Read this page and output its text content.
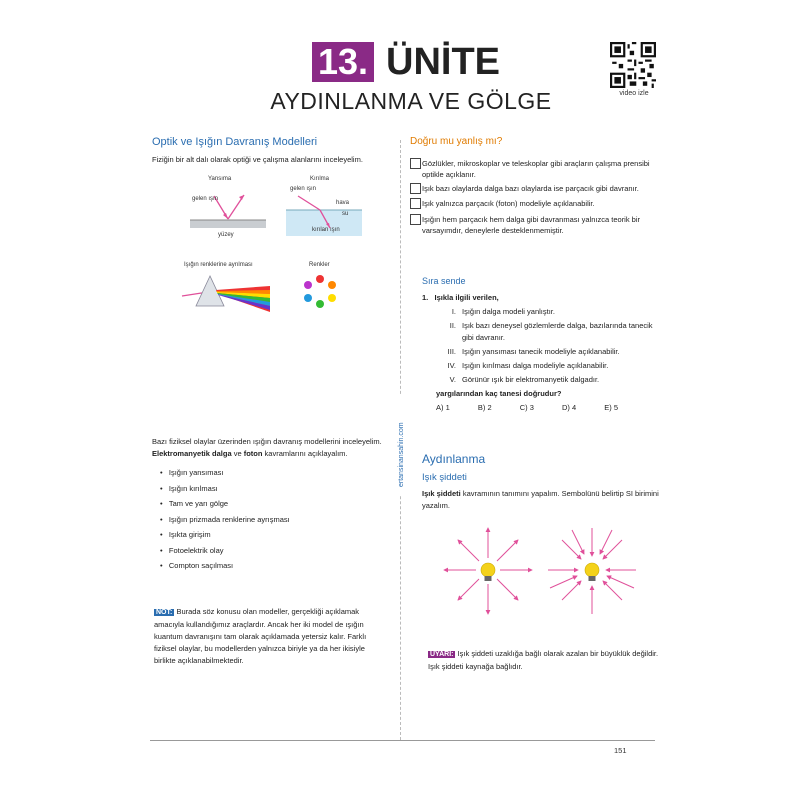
13. ÜNİTE
AYDINLANMA VE GÖLGE	video izle
ertansinansahin.com
Optik ve Işığın Davranış Modelleri
Fiziğin bir alt dalı olarak optiği ve çalışma alanlarını inceleyelim.
Yansıma
gelen ışın
yüzey
Kırılma
gelen ışın
hava
su
kırılan ışın
Işığın renklerine ayrılması	Renkler
Bazı fiziksel olaylar üzerinden ışığın davranış modellerini inceleyelim.
Elektromanyetik dalga ve foton kavramlarını açıklayalım.
•   Işığın yansıması
•   Işığın kırılması
•   Tam ve yarı gölge
•   Işığın prizmada renklerine ayrışması
•   Işıkta girişim
•   Fotoelektrik olay
•   Compton saçılması
NOT: Burada söz konusu olan modeller, gerçekliği açıklamak amacıyla kullandığımız araçlardır. Ancak her iki model de ışığın kuantum davranışını tam olarak açıklamada yetersiz kalır. Farklı fiziksel olaylar, bu modellerden yalnızca biriyle ya da her ikisiyle birlikte açıklanabilmektedir.
Doğru mu yanlış mı?
Gözlükler, mikroskoplar ve teleskoplar gibi araçların çalışma prensibi optikle açıklanır.
Işık bazı olaylarda dalga bazı olaylarda ise parçacık gibi davranır.
Işık yalnızca parçacık (foton) modeliyle açıklanabilir.
Işığın hem parçacık hem dalga gibi davranması yalnızca teorik bir varsayımdır, deneylerle desteklenmemiştir.
Sıra sende
1. Işıkla ilgili verilen,
I. Işığın dalga modeli yanlıştır.
II. Işık bazı deneysel gözlemlerde dalga, bazılarında tanecik gibi davranır.
III. Işığın yansıması tanecik modeliyle açıklanabilir.
IV. Işığın kırılması dalga modeliyle açıklanabilir.
V. Görünür ışık bir elektromanyetik dalgadır.
yargılarından kaç tanesi doğrudur?
A) 1	B) 2	C) 3	D) 4	E) 5
Aydınlanma
Işık şiddeti
Işık şiddeti kavramının tanımını yapalım. Sembolünü belirtip SI birimini yazalım.
UYARI: Işık şiddeti uzaklığa bağlı olarak azalan bir büyüklük değildir. Işık şiddeti kaynağa bağlıdır.
151
